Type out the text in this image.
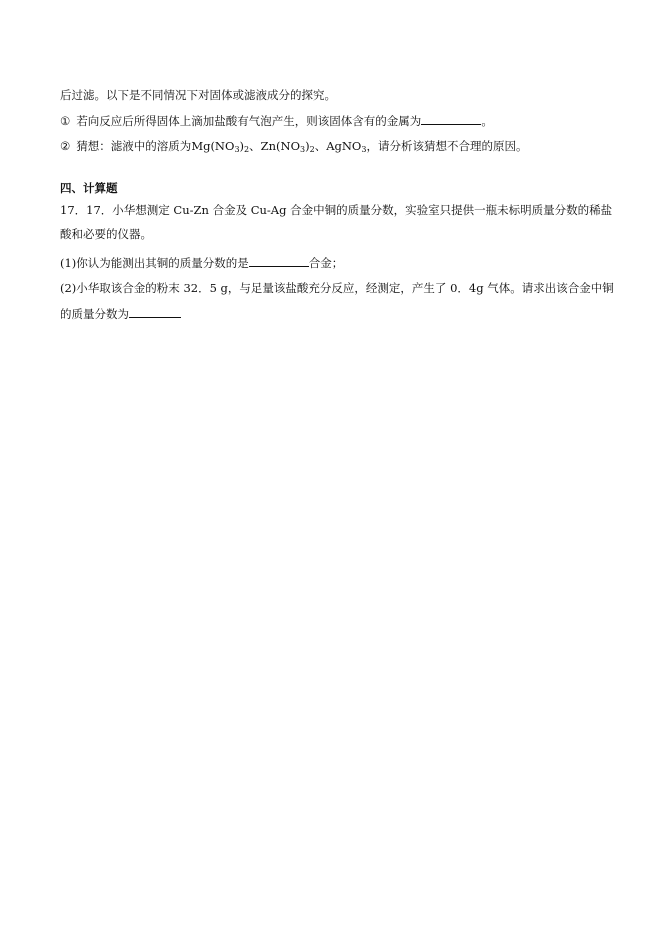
后过滤。以下是不同情况下对固体或滤液成分的探究。
① 若向反应后所得固体上滴加盐酸有气泡产生，则该固体含有的金属为	。
② 猜想：滤液中的溶质为$Mg(NO_3)_2$、$Zn(NO_3)_2$、AgNO$_3$，请分析该猜想不合理的原因。
四、计算题
17．17．小华想测定 Cu-Zn 合金及 Cu-Ag 合金中铜的质量分数，实验室只提供一瓶未标明质量分数的稀盐
酸和必要的仪器。
(1)你认为能测出其铜的质量分数的是	合金；
(2)小华取该合金的粉末 32．5 g，与足量该盐酸充分反应，经测定，产生了 0．4g 气体。请求出该合金中铜
的质量分数为
